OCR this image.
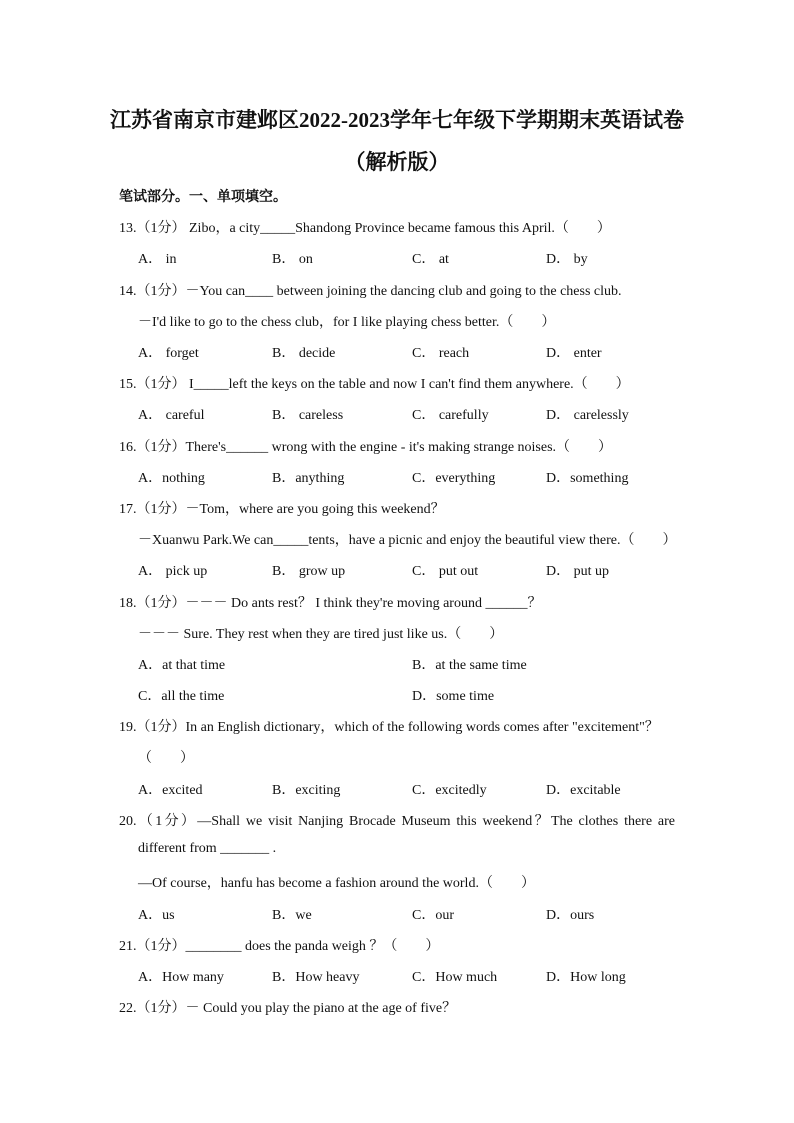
江苏省南京市建邺区2022-2023学年七年级下学期期末英语试卷
（解析版）
笔试部分。一、单项填空。
13.（1分） Zibo，a city_____Shandong Province became famous this April.（　　）
A． in	B． on	C． at	D． by
14.（1分）－You can____ between joining the dancing club and going to the chess club.
－I'd like to go to the chess club，for I like playing chess better.（　　）
A． forget	B． decide	C． reach	D． enter
15.（1分） I_____left the keys on the table and now I can't find them anywhere.（　　）
A． careful	B． careless	C． carefully	D． carelessly
16.（1分）There's______ wrong with the engine - it's making strange noises.（　　）
A．nothing	B．anything	C．everything	D．something
17.（1分）－Tom，where are you going this weekend？
－Xuanwu Park.We can_____tents，have a picnic and enjoy the beautiful view there.（　　）
A． pick up	B． grow up	C． put out	D． put up
18.（1分）－－－ Do ants rest？ I think they're moving around ______？
－－－ Sure. They rest when they are tired just like us.（　　）
A．at that time	B．at the same time
C．all the time	D．some time
19.（1分）In an English dictionary，which of the following words comes after "excitement"？
（　　）
A．excited	B．exciting	C．excitedly	D．excitable
20.（1分）—Shall we visit Nanjing Brocade Museum this weekend？The clothes there are
different from _______ .
—Of course，hanfu has become a fashion around the world.（　　）
A．us	B．we	C．our	D．ours
21.（1分）________ does the panda weigh ？（　　）
A．How many	B．How heavy	C．How much	D．How long
22.（1分）－ Could you play the piano at the age of five？
